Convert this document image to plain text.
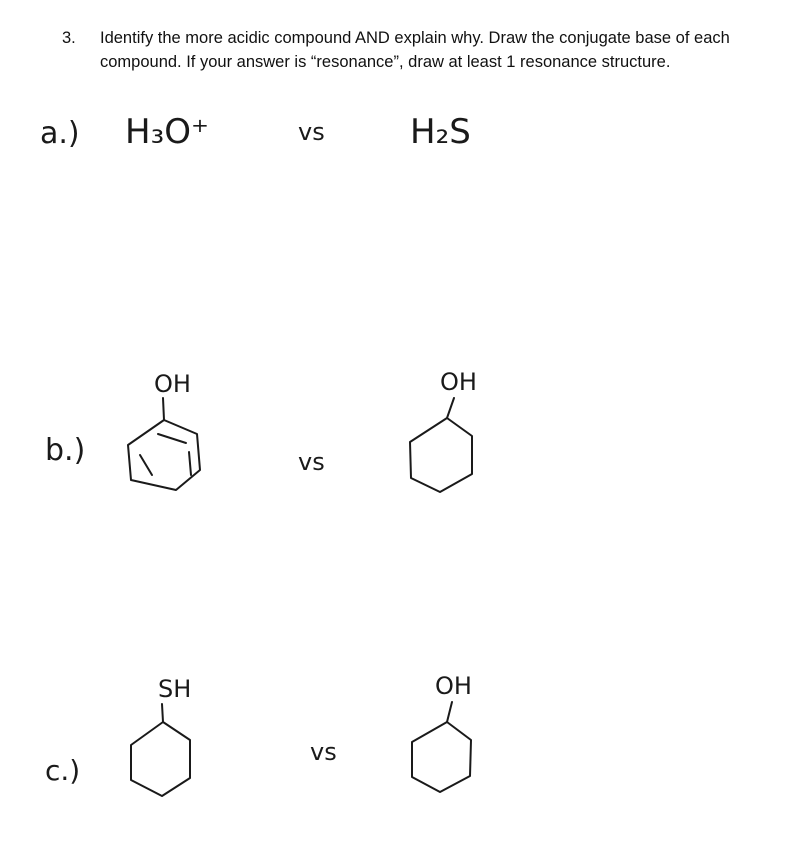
3. Identify the more acidic compound AND explain why. Draw the conjugate base of each compound. If your answer is “resonance”, draw at least 1 resonance structure.
a.) H₃O⁺	vs	H₂S
b.)
OH
vs
OH
c.)
SH
vs
OH
